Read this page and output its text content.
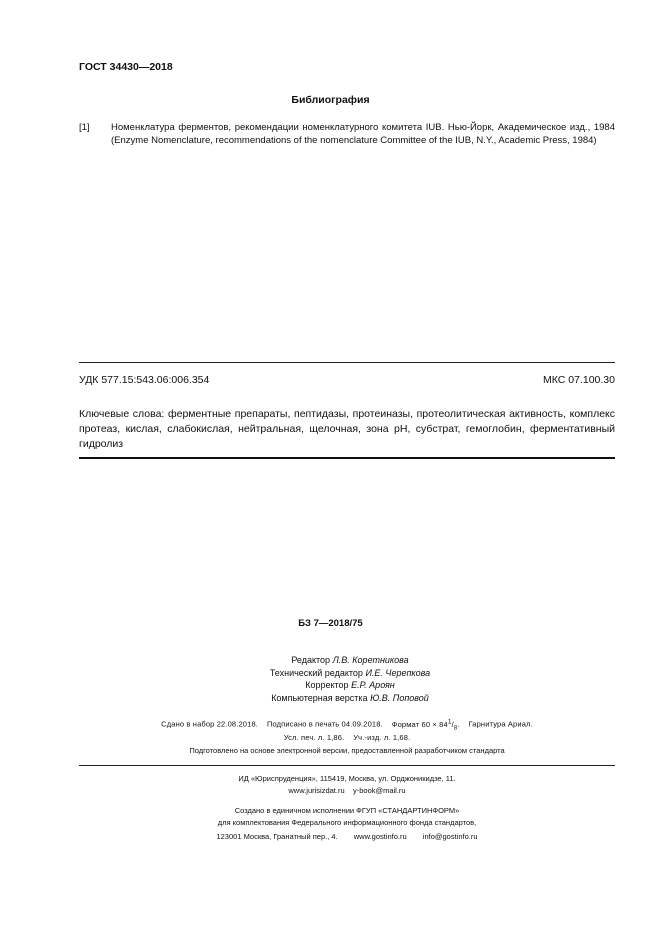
ГОСТ 34430—2018
Библиография
[1] Номенклатура ферментов, рекомендации номенклатурного комитета IUB. Нью-Йорк, Академическое изд., 1984 (Enzyme Nomenclature, recommendations of the nomenclature Committee of the IUB, N.Y., Academic Press, 1984)
УДК 577.15:543.06:006.354	МКС 07.100.30
Ключевые слова: ферментные препараты, пептидазы, протеиназы, протеолитическая активность, комплекс протеаз, кислая, слабокислая, нейтральная, щелочная, зона pH, субстрат, гемоглобин, ферментативный гидролиз
БЗ 7—2018/75
Редактор Л.В. Коретникова
Технический редактор И.Е. Черепкова
Корректор Е.Р. Ароян
Компьютерная верстка Ю.В. Поповой
Сдано в набор 22.08.2018. Подписано в печать 04.09.2018. Формат $60 \times 84^1/_8$. Гарнитура Ариал.
Усл. печ. л. 1,86. Уч.-изд. л. 1,68.
Подготовлено на основе электронной версии, предоставленной разработчиком стандарта
ИД «Юриспруденция», 115419, Москва, ул. Орджоникидзе, 11.
www.jurisizdat.ru    y-book@mail.ru
Создано в единичном исполнении ФГУП «СТАНДАРТИНФОРМ»
для комплектования Федерального информационного фонда стандартов,
123001 Москва, Гранатный пер., 4. www.gostinfo.ru info@gostinfo.ru
